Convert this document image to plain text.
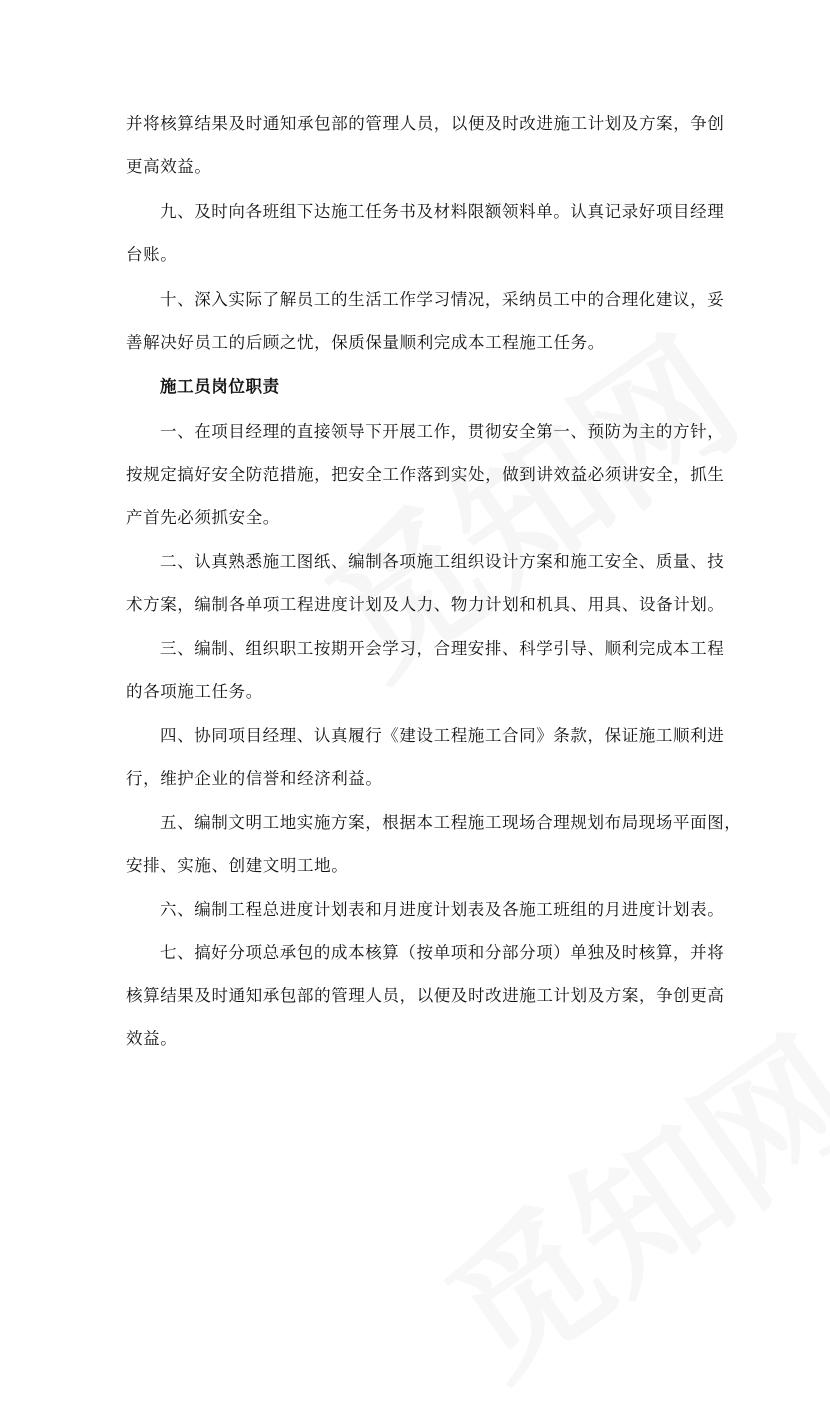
并将核算结果及时通知承包部的管理人员，以便及时改进施工计划及方案，争创
更高效益。

九、及时向各班组下达施工任务书及材料限额领料单。认真记录好项目经理
台账。

十、深入实际了解员工的生活工作学习情况，采纳员工中的合理化建议，妥
善解决好员工的后顾之忧，保质保量顺利完成本工程施工任务。

施工员岗位职责

一、在项目经理的直接领导下开展工作，贯彻安全第一、预防为主的方针，
按规定搞好安全防范措施，把安全工作落到实处，做到讲效益必须讲安全，抓生
产首先必须抓安全。

二、认真熟悉施工图纸、编制各项施工组织设计方案和施工安全、质量、技
术方案，编制各单项工程进度计划及人力、物力计划和机具、用具、设备计划。

三、编制、组织职工按期开会学习，合理安排、科学引导、顺利完成本工程
的各项施工任务。

四、协同项目经理、认真履行《建设工程施工合同》条款，保证施工顺利进
行，维护企业的信誉和经济利益。

五、编制文明工地实施方案，根据本工程施工现场合理规划布局现场平面图，
安排、实施、创建文明工地。

六、编制工程总进度计划表和月进度计划表及各施工班组的月进度计划表。

七、搞好分项总承包的成本核算（按单项和分部分项）单独及时核算，并将
核算结果及时通知承包部的管理人员，以便及时改进施工计划及方案，争创更高
效益。
